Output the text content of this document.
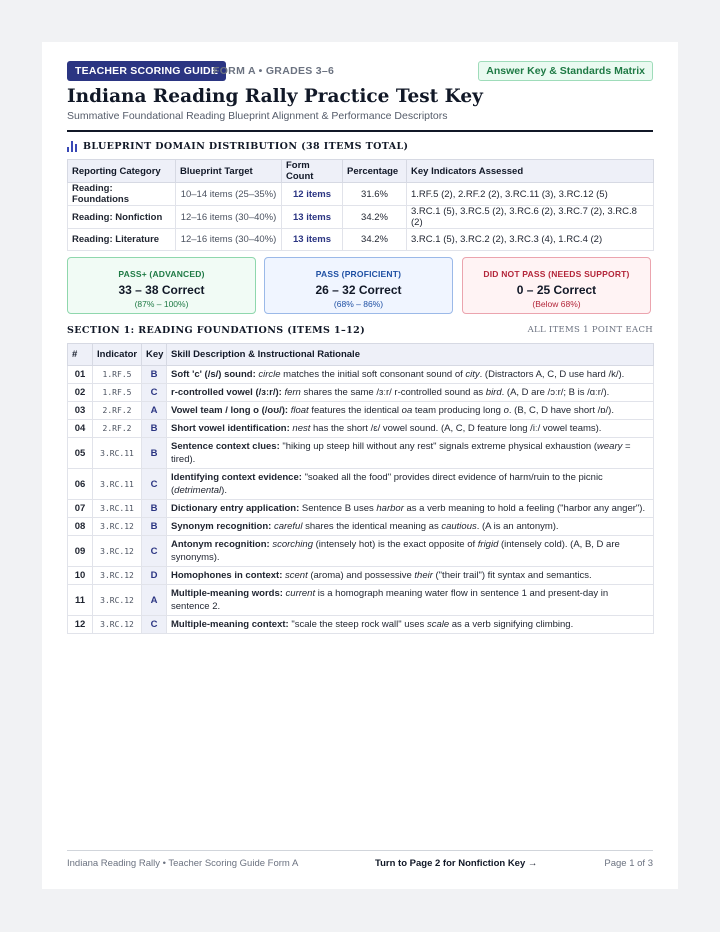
TEACHER SCORING GUIDE
FORM A • GRADES 3–6	Answer Key & Standards Matrix
Indiana Reading Rally Practice Test Key
Summative Foundational Reading Blueprint Alignment & Performance Descriptors
BLUEPRINT DOMAIN DISTRIBUTION (38 ITEMS TOTAL)
Reporting Category	Blueprint Target	Form Count	Percentage	Key Indicators Assessed
Reading: Foundations	10–14 items (25–35%)	12 items	31.6%	1.RF.5 (2), 2.RF.2 (2), 3.RC.11 (3), 3.RC.12 (5)
Reading: Nonfiction	12–16 items (30–40%)	13 items	34.2%	3.RC.1 (5), 3.RC.5 (2), 3.RC.6 (2), 3.RC.7 (2), 3.RC.8 (2)
Reading: Literature	12–16 items (30–40%)	13 items	34.2%	3.RC.1 (5), 3.RC.2 (2), 3.RC.3 (4), 1.RC.4 (2)
PASS+ (ADVANCED)
33 – 38 Correct
(87% – 100%)
PASS (PROFICIENT)
26 – 32 Correct
(68% – 86%)
DID NOT PASS (NEEDS SUPPORT)
0 – 25 Correct
(Below 68%)
SECTION 1: READING FOUNDATIONS (ITEMS 1–12)	ALL ITEMS 1 POINT EACH
#	Indicator	Key	Skill Description & Instructional Rationale
01	1.RF.5	B	Soft 'c' (/s/) sound: circle matches the initial soft consonant sound of city. (Distractors A, C, D use hard /k/).
02	1.RF.5	C	r-controlled vowel (/ɜːr/): fern shares the same /ɜːr/ r-controlled sound as bird. (A, D are /ɔːr/; B is /ɑːr/).
03	2.RF.2	A	Vowel team / long o (/oʊ/): float features the identical oa team producing long o. (B, C, D have short /ɒ/).
04	2.RF.2	B	Short vowel identification: nest has the short /ɛ/ vowel sound. (A, C, D feature long /iː/ vowel teams).
05	3.RC.11	B	Sentence context clues: "hiking up steep hill without any rest" signals extreme physical exhaustion (weary = tired).
06	3.RC.11	C	Identifying context evidence: "soaked all the food" provides direct evidence of harm/ruin to the picnic (detrimental).
07	3.RC.11	B	Dictionary entry application: Sentence B uses harbor as a verb meaning to hold a feeling ("harbor any anger").
08	3.RC.12	B	Synonym recognition: careful shares the identical meaning as cautious. (A is an antonym).
09	3.RC.12	C	Antonym recognition: scorching (intensely hot) is the exact opposite of frigid (intensely cold). (A, B, D are synonyms).
10	3.RC.12	D	Homophones in context: scent (aroma) and possessive their ("their trail") fit syntax and semantics.
11	3.RC.12	A	Multiple-meaning words: current is a homograph meaning water flow in sentence 1 and present-day in sentence 2.
12	3.RC.12	C	Multiple-meaning context: "scale the steep rock wall" uses scale as a verb signifying climbing.
Indiana Reading Rally • Teacher Scoring Guide Form A	Turn to Page 2 for Nonfiction Key →	Page 1 of 3
